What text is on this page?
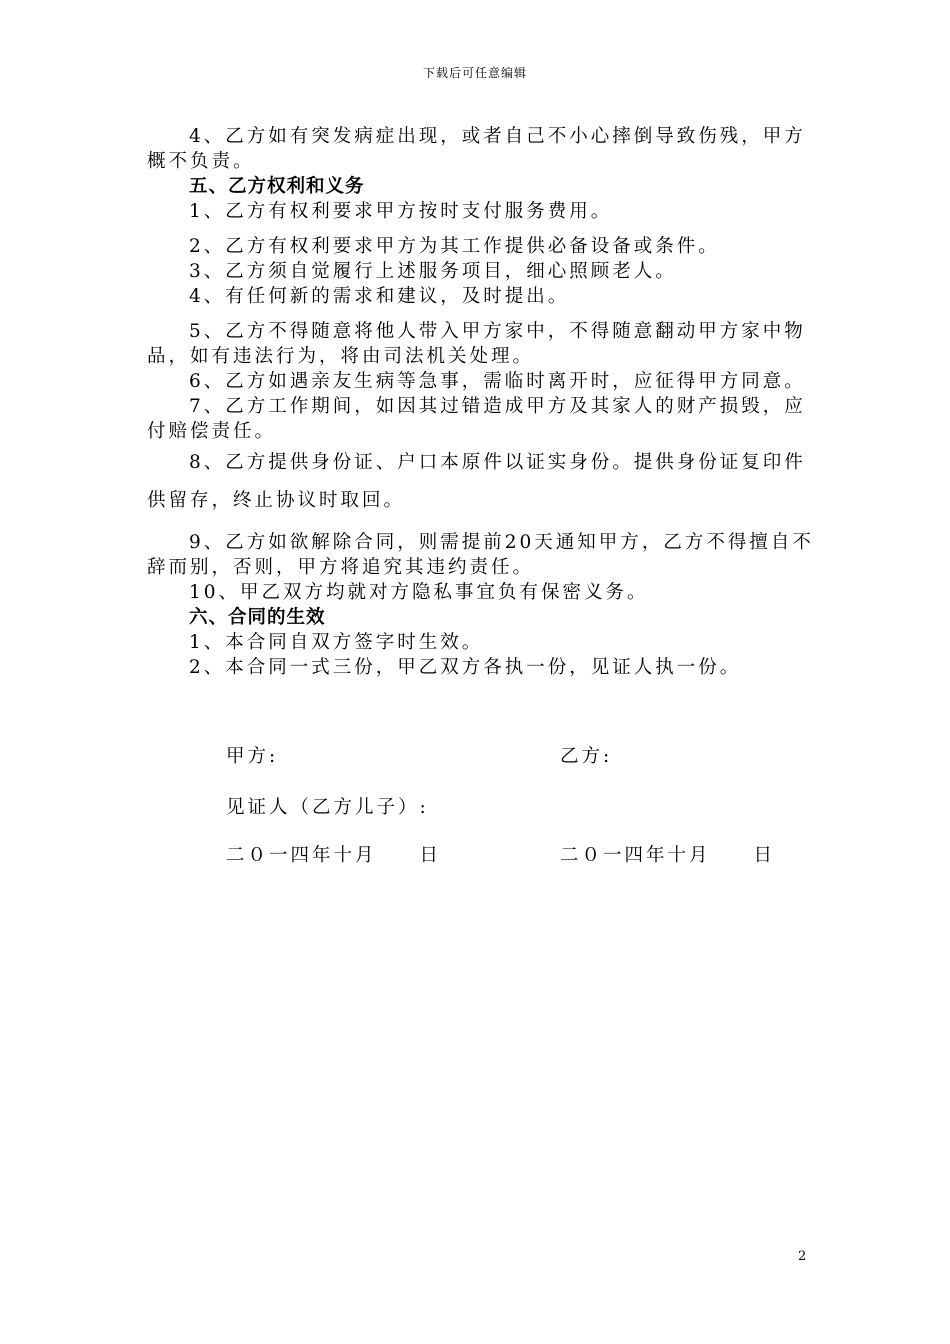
下载后可任意编辑

4、乙方如有突发病症出现，或者自己不小心摔倒导致伤残，甲方概不负责。

五、乙方权利和义务

1、乙方有权利要求甲方按时支付服务费用。

2、乙方有权利要求甲方为其工作提供必备设备或条件。

3、乙方须自觉履行上述服务项目，细心照顾老人。

4、有任何新的需求和建议，及时提出。

5、乙方不得随意将他人带入甲方家中，不得随意翻动甲方家中物品，如有违法行为，将由司法机关处理。

6、乙方如遇亲友生病等急事，需临时离开时，应征得甲方同意。

7、乙方工作期间，如因其过错造成甲方及其家人的财产损毁，应付赔偿责任。

8、乙方提供身份证、户口本原件以证实身份。提供身份证复印件供留存，终止协议时取回。

9、乙方如欲解除合同，则需提前20天通知甲方，乙方不得擅自不辞而别，否则，甲方将追究其违约责任。

10、甲乙双方均就对方隐私事宜负有保密义务。

六、合同的生效

1、本合同自双方签字时生效。

2、本合同一式三份，甲乙双方各执一份，见证人执一份。

甲方:	乙方:
见证人（乙方儿子）:
二０一四年十月　　日	二０一四年十月　　日
2
